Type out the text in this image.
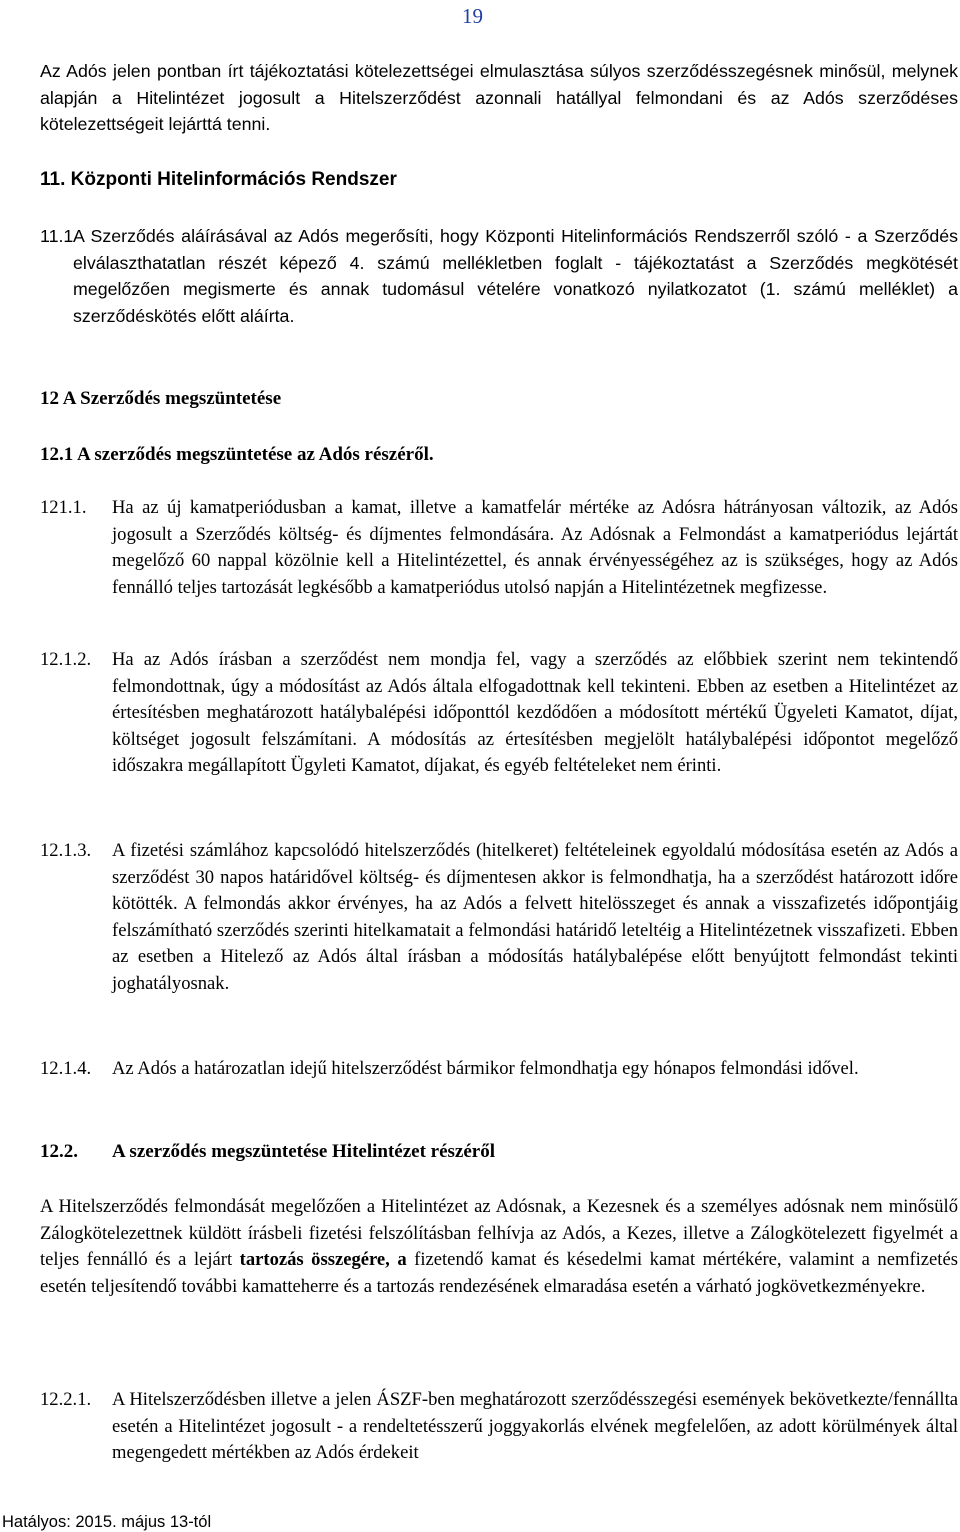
19
Az Adós jelen pontban írt tájékoztatási kötelezettségei elmulasztása súlyos szerződésszegésnek minősül, melynek alapján a Hitelintézet jogosult a Hitelszerződést azonnali hatállyal felmondani és az Adós szerződéses kötelezettségeit lejárttá tenni.
11. Központi Hitelinformációs Rendszer
11.1 A Szerződés aláírásával az Adós megerősíti, hogy Központi Hitelinformációs Rendszerről szóló - a Szerződés elválaszthatatlan részét képező 4. számú mellékletben foglalt - tájékoztatást a Szerződés megkötését megelőzően megismerte és annak tudomásul vételére vonatkozó nyilatkozatot (1. számú melléklet) a szerződéskötés előtt aláírta.
12 A Szerződés megszüntetése
12.1 A szerződés megszüntetése az Adós részéről.
121.1.	Ha az új kamatperiódusban a kamat, illetve a kamatfelár mértéke az Adósra hátrányosan változik, az Adós jogosult a Szerződés költség- és díjmentes felmondására. Az Adósnak a Felmondást a kamatperiódus lejártát megelőző 60 nappal közölnie kell a Hitelintézettel, és annak érvényességéhez az is szükséges, hogy az Adós fennálló teljes tartozását legkésőbb a kamatperiódus utolsó napján a Hitelintézetnek megfizesse.
12.1.2.	Ha az Adós írásban a szerződést nem mondja fel, vagy a szerződés az előbbiek szerint nem tekintendő felmondottnak, úgy a módosítást az Adós általa elfogadottnak kell tekinteni. Ebben az esetben a Hitelintézet az értesítésben meghatározott hatálybalépési időponttól kezdődően a módosított mértékű Ügyeleti Kamatot, díjat, költséget jogosult felszámítani. A módosítás az értesítésben megjelölt hatálybalépési időpontot megelőző időszakra megállapított Ügyleti Kamatot, díjakat, és egyéb feltételeket nem érinti.
12.1.3.	A fizetési számlához kapcsolódó hitelszerződés (hitelkeret) feltételeinek egyoldalú módosítása esetén az Adós a szerződést 30 napos határidővel költség- és díjmentesen akkor is felmondhatja, ha a szerződést határozott időre kötötték. A felmondás akkor érvényes, ha az Adós a felvett hitelösszeget és annak a visszafizetés időpontjáig felszámítható szerződés szerinti hitelkamatait a felmondási határidő leteltéig a Hitelintézetnek visszafizeti. Ebben az esetben a Hitelező az Adós által írásban a módosítás hatálybalépése előtt benyújtott felmondást tekinti joghatályosnak.
12.1.4.	Az Adós a határozatlan idejű hitelszerződést bármikor felmondhatja egy hónapos felmondási idővel.
12.2.	A szerződés megszüntetése Hitelintézet részéről
A Hitelszerződés felmondását megelőzően a Hitelintézet az Adósnak, a Kezesnek és a személyes adósnak nem minősülő Zálogkötelezettnek küldött írásbeli fizetési felszólításban felhívja az Adós, a Kezes, illetve a Zálogkötelezett figyelmét a teljes fennálló és a lejárt tartozás összegére, a fizetendő kamat és késedelmi kamat mértékére, valamint a nemfizetés esetén teljesítendő további kamatteherre és a tartozás rendezésének elmaradása esetén a várható jogkövetkezményekre.
12.2.1.	A Hitelszerződésben illetve a jelen ÁSZF-ben meghatározott szerződésszegési események bekövetkezte/fennállta esetén a Hitelintézet jogosult - a rendeltetésszerű joggyakorlás elvének megfelelően, az adott körülmények által megengedett mértékben az Adós érdekeit
Hatályos: 2015. május 13-tól
